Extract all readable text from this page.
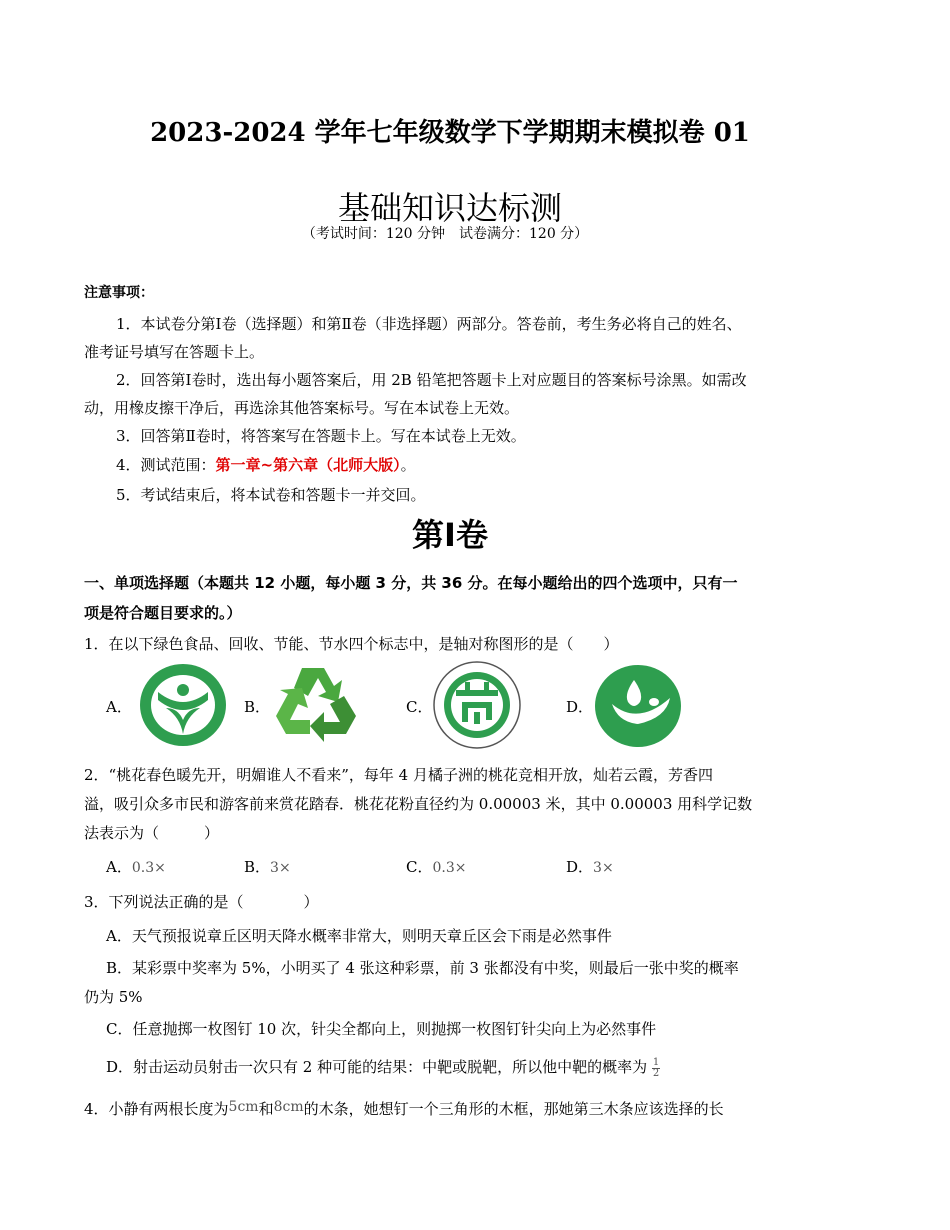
2023-2024 学年七年级数学下学期期末模拟卷 01
基础知识达标测
（考试时间：120 分钟　试卷满分：120 分）
注意事项：
1．本试卷分第Ⅰ卷（选择题）和第Ⅱ卷（非选择题）两部分。答卷前，考生务必将自己的姓名、
准考证号填写在答题卡上。
2．回答第Ⅰ卷时，选出每小题答案后，用 2B 铅笔把答题卡上对应题目的答案标号涂黑。如需改
动，用橡皮擦干净后，再选涂其他答案标号。写在本试卷上无效。
3．回答第Ⅱ卷时，将答案写在答题卡上。写在本试卷上无效。
4．测试范围：第一章~第六章（北师大版）。
5．考试结束后，将本试卷和答题卡一并交回。
第Ⅰ卷
一、单项选择题（本题共 12 小题，每小题 3 分，共 36 分。在每小题给出的四个选项中，只有一
项是符合题目要求的。）
1．在以下绿色食品、回收、节能、节水四个标志中，是轴对称图形的是（　　）
A．	B．	C．	D．
2．“桃花春色暖先开，明媚谁人不看来”，每年 4 月橘子洲的桃花竞相开放，灿若云霞，芳香四
溢，吸引众多市民和游客前来赏花踏春．桃花花粉直径约为 0.00003 米，其中 0.00003 用科学记数
法表示为（　　　）
A．0.3×	B．3×	C．0.3×	D．3×
3．下列说法正确的是（　　　　）
A．天气预报说章丘区明天降水概率非常大，则明天章丘区会下雨是必然事件
B．某彩票中奖率为 5%，小明买了 4 张这种彩票，前 3 张都没有中奖，则最后一张中奖的概率
仍为 5%
C．任意抛掷一枚图钉 10 次，针尖全都向上，则抛掷一枚图钉针尖向上为必然事件
D．射击运动员射击一次只有 2 种可能的结果：中靶或脱靶，所以他中靶的概率为 $\frac{1}{2}$
4．小静有两根长度为5cm和8cm的木条，她想钉一个三角形的木框，那她第三木条应该选择的长
